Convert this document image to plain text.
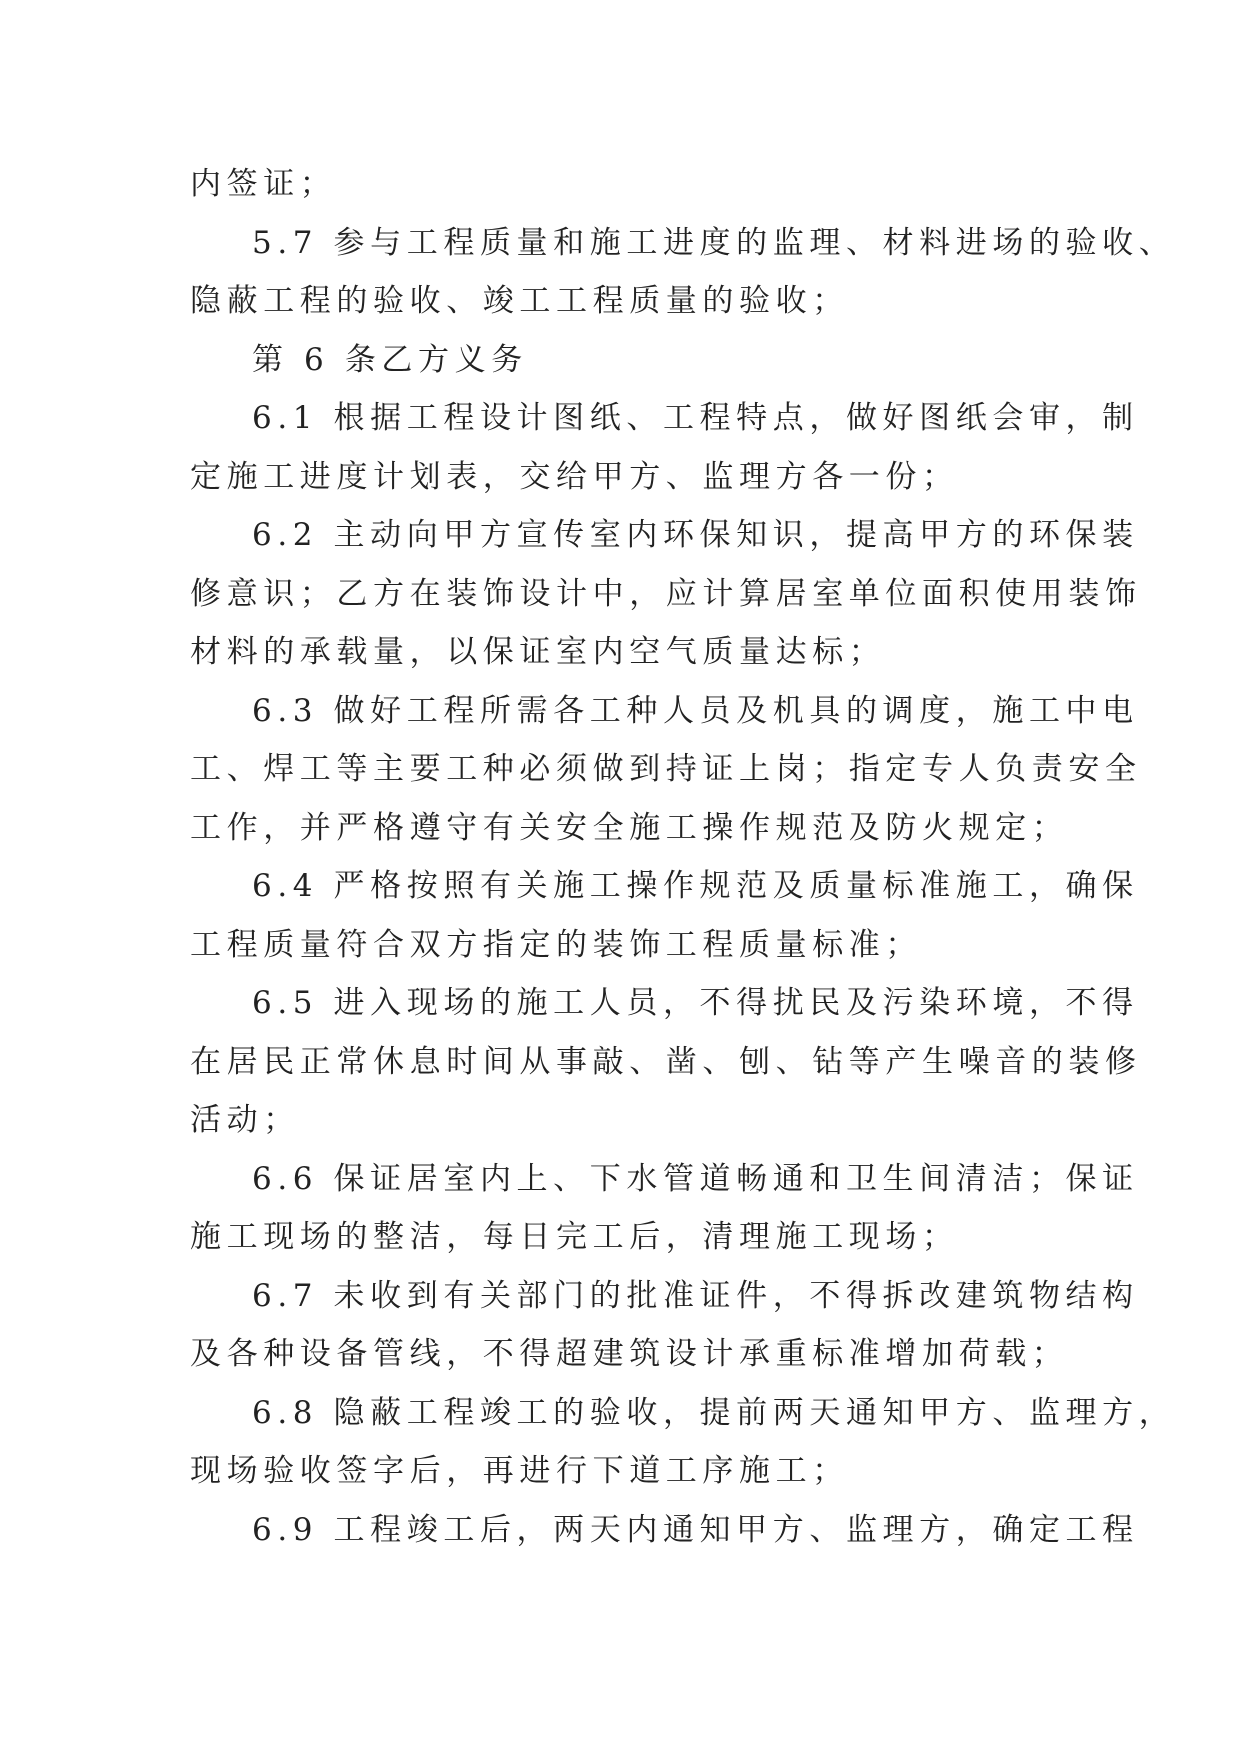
内签证；
5.7 参与工程质量和施工进度的监理、材料进场的验收、
隐蔽工程的验收、竣工工程质量的验收；
第 6 条乙方义务
6.1 根据工程设计图纸、工程特点，做好图纸会审，制
定施工进度计划表，交给甲方、监理方各一份；
6.2 主动向甲方宣传室内环保知识，提高甲方的环保装
修意识；乙方在装饰设计中，应计算居室单位面积使用装饰
材料的承载量，以保证室内空气质量达标；
6.3 做好工程所需各工种人员及机具的调度，施工中电
工、焊工等主要工种必须做到持证上岗；指定专人负责安全
工作，并严格遵守有关安全施工操作规范及防火规定；
6.4 严格按照有关施工操作规范及质量标准施工，确保
工程质量符合双方指定的装饰工程质量标准；
6.5 进入现场的施工人员，不得扰民及污染环境，不得
在居民正常休息时间从事敲、凿、刨、钻等产生噪音的装修
活动；
6.6 保证居室内上、下水管道畅通和卫生间清洁；保证
施工现场的整洁，每日完工后，清理施工现场；
6.7 未收到有关部门的批准证件，不得拆改建筑物结构
及各种设备管线，不得超建筑设计承重标准增加荷载；
6.8 隐蔽工程竣工的验收，提前两天通知甲方、监理方，
现场验收签字后，再进行下道工序施工；
6.9 工程竣工后，两天内通知甲方、监理方，确定工程
